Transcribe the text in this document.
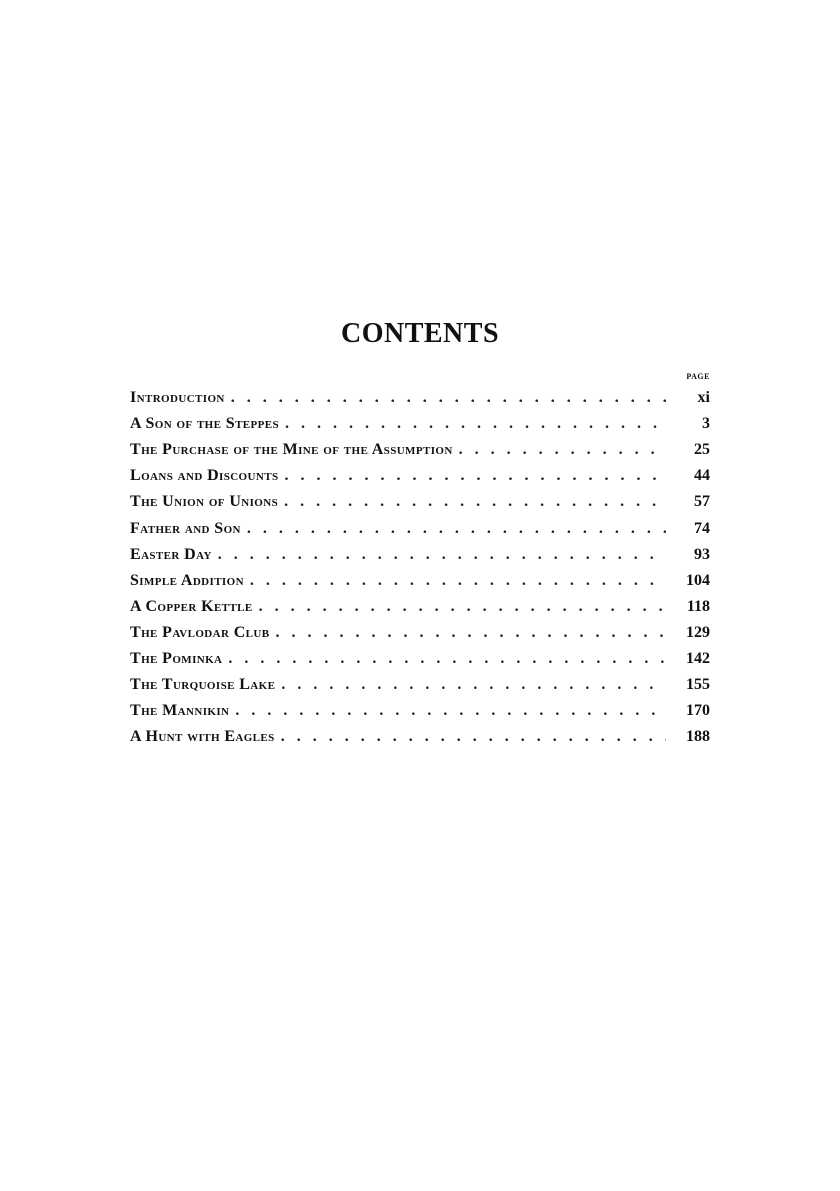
CONTENTS
PAGE
Introduction . . .	xi
A Son of the Steppes . . .	3
The Purchase of the Mine of the Assumption . . .	25
Loans and Discounts . . .	44
The Union of Unions . . .	57
Father and Son . . .	74
Easter Day . . .	93
Simple Addition . . .	104
A Copper Kettle . . .	118
The Pavlodar Club . . .	129
The Pominka . . .	142
The Turquoise Lake . . .	155
The Mannikin . . .	170
A Hunt with Eagles . . .	188
